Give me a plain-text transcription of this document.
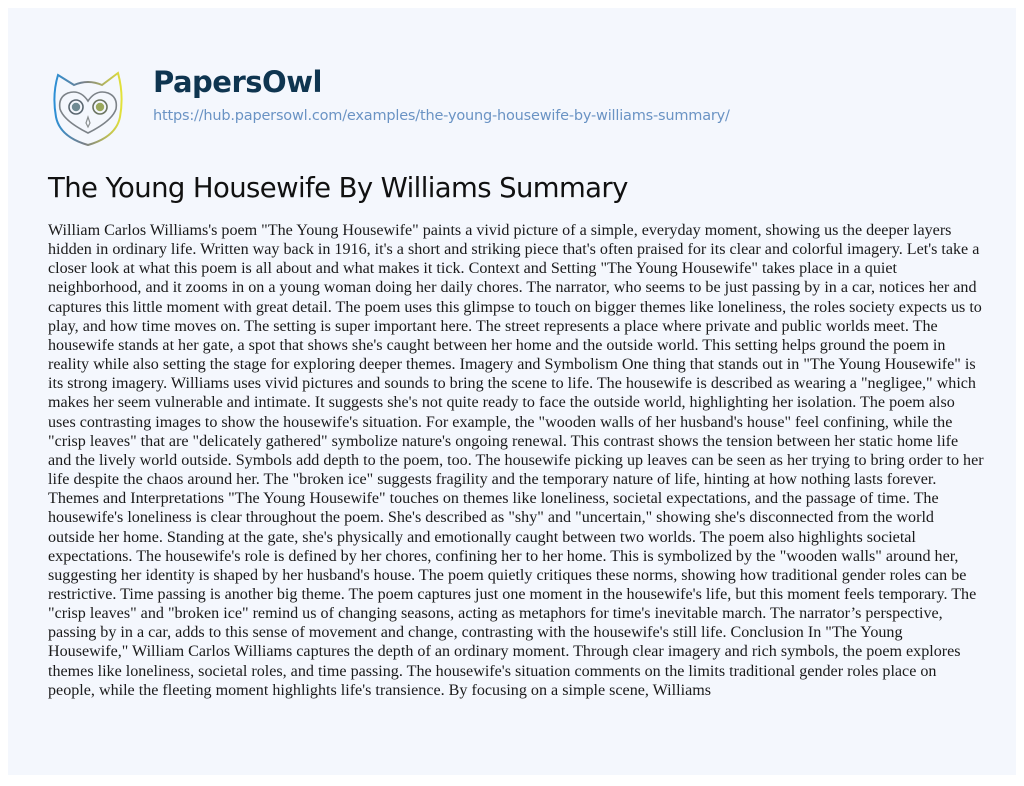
PapersOwl
https://hub.papersowl.com/examples/the-young-housewife-by-williams-summary/
The Young Housewife By Williams Summary
William Carlos Williams's poem "The Young Housewife" paints a vivid picture of a simple, everyday moment, showing us the deeper layers
hidden in ordinary life. Written way back in 1916, it's a short and striking piece that's often praised for its clear and colorful imagery. Let's take a
closer look at what this poem is all about and what makes it tick. Context and Setting "The Young Housewife" takes place in a quiet
neighborhood, and it zooms in on a young woman doing her daily chores. The narrator, who seems to be just passing by in a car, notices her and
captures this little moment with great detail. The poem uses this glimpse to touch on bigger themes like loneliness, the roles society expects us to
play, and how time moves on. The setting is super important here. The street represents a place where private and public worlds meet. The
housewife stands at her gate, a spot that shows she's caught between her home and the outside world. This setting helps ground the poem in
reality while also setting the stage for exploring deeper themes. Imagery and Symbolism One thing that stands out in "The Young Housewife" is
its strong imagery. Williams uses vivid pictures and sounds to bring the scene to life. The housewife is described as wearing a "negligee," which
makes her seem vulnerable and intimate. It suggests she's not quite ready to face the outside world, highlighting her isolation. The poem also
uses contrasting images to show the housewife's situation. For example, the "wooden walls of her husband's house" feel confining, while the
"crisp leaves" that are "delicately gathered" symbolize nature's ongoing renewal. This contrast shows the tension between her static home life
and the lively world outside. Symbols add depth to the poem, too. The housewife picking up leaves can be seen as her trying to bring order to her
life despite the chaos around her. The "broken ice" suggests fragility and the temporary nature of life, hinting at how nothing lasts forever.
Themes and Interpretations "The Young Housewife" touches on themes like loneliness, societal expectations, and the passage of time. The
housewife's loneliness is clear throughout the poem. She's described as "shy" and "uncertain," showing she's disconnected from the world
outside her home. Standing at the gate, she's physically and emotionally caught between two worlds. The poem also highlights societal
expectations. The housewife's role is defined by her chores, confining her to her home. This is symbolized by the "wooden walls" around her,
suggesting her identity is shaped by her husband's house. The poem quietly critiques these norms, showing how traditional gender roles can be
restrictive. Time passing is another big theme. The poem captures just one moment in the housewife's life, but this moment feels temporary. The
"crisp leaves" and "broken ice" remind us of changing seasons, acting as metaphors for time's inevitable march. The narrator’s perspective,
passing by in a car, adds to this sense of movement and change, contrasting with the housewife's still life. Conclusion In "The Young
Housewife," William Carlos Williams captures the depth of an ordinary moment. Through clear imagery and rich symbols, the poem explores
themes like loneliness, societal roles, and time passing. The housewife's situation comments on the limits traditional gender roles place on
people, while the fleeting moment highlights life's transience. By focusing on a simple scene, Williams
